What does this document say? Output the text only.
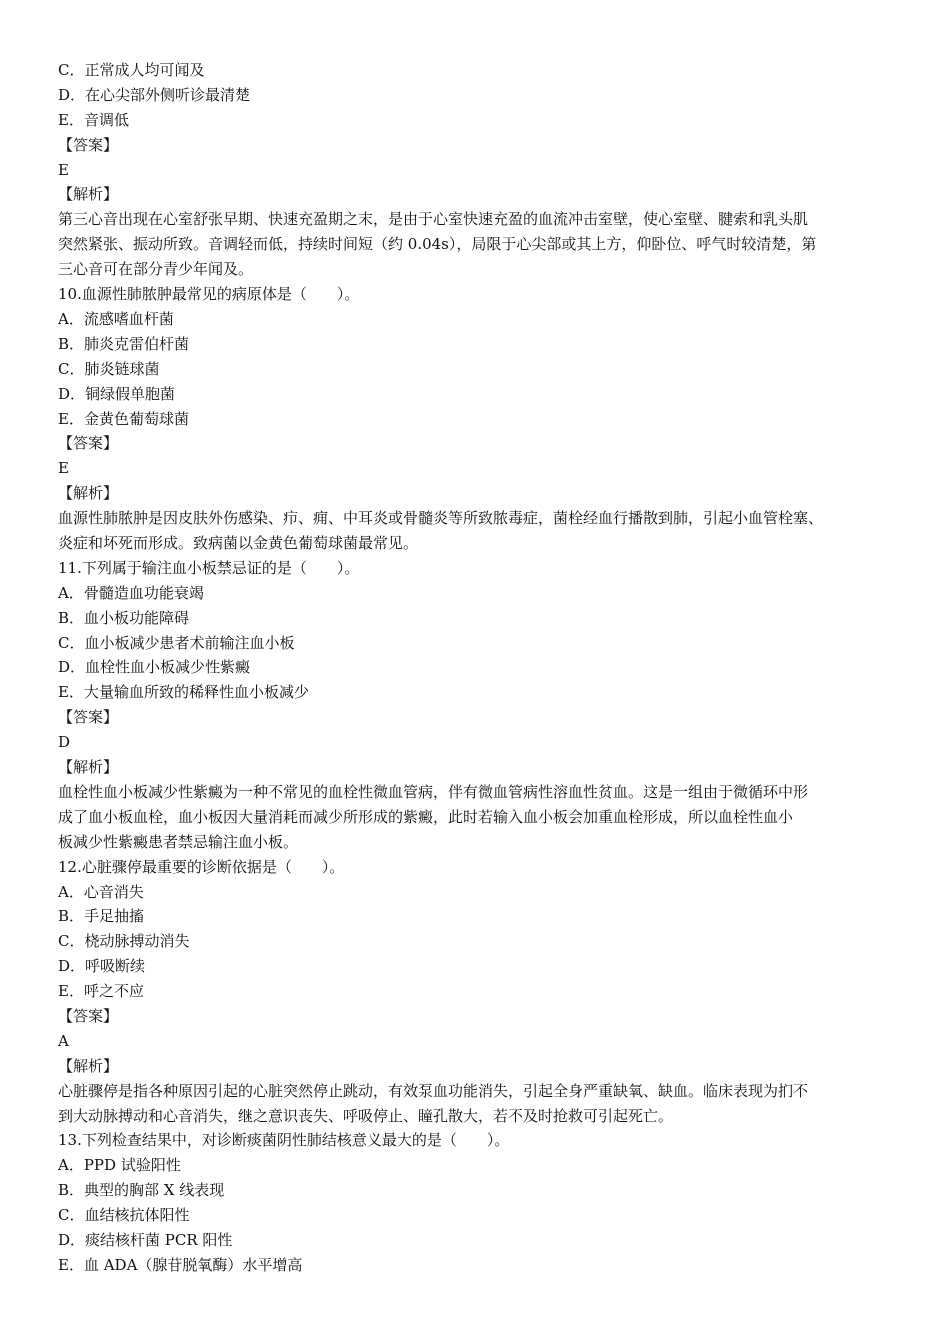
C．正常成人均可闻及
D．在心尖部外侧听诊最清楚
E．音调低
【答案】
E
【解析】
第三心音出现在心室舒张早期、快速充盈期之末，是由于心室快速充盈的血流冲击室壁，使心室壁、腱索和乳头肌
突然紧张、振动所致。音调轻而低，持续时间短（约 0.04s），局限于心尖部或其上方，仰卧位、呼气时较清楚，第
三心音可在部分青少年闻及。
10.血源性肺脓肿最常见的病原体是（　　）。
A．流感嗜血杆菌
B．肺炎克雷伯杆菌
C．肺炎链球菌
D．铜绿假单胞菌
E．金黄色葡萄球菌
【答案】
E
【解析】
血源性肺脓肿是因皮肤外伤感染、疖、痈、中耳炎或骨髓炎等所致脓毒症，菌栓经血行播散到肺，引起小血管栓塞、
炎症和坏死而形成。致病菌以金黄色葡萄球菌最常见。
11.下列属于输注血小板禁忌证的是（　　）。
A．骨髓造血功能衰竭
B．血小板功能障碍
C．血小板减少患者术前输注血小板
D．血栓性血小板减少性紫癜
E．大量输血所致的稀释性血小板减少
【答案】
D
【解析】
血栓性血小板减少性紫癜为一种不常见的血栓性微血管病，伴有微血管病性溶血性贫血。这是一组由于微循环中形
成了血小板血栓，血小板因大量消耗而减少所形成的紫癜，此时若输入血小板会加重血栓形成，所以血栓性血小
板减少性紫癜患者禁忌输注血小板。
12.心脏骤停最重要的诊断依据是（　　）。
A．心音消失
B．手足抽搐
C．桡动脉搏动消失
D．呼吸断续
E．呼之不应
【答案】
A
【解析】
心脏骤停是指各种原因引起的心脏突然停止跳动，有效泵血功能消失，引起全身严重缺氧、缺血。临床表现为扪不
到大动脉搏动和心音消失，继之意识丧失、呼吸停止、瞳孔散大，若不及时抢救可引起死亡。
13.下列检查结果中，对诊断痰菌阴性肺结核意义最大的是（　　）。
A．PPD 试验阳性
B．典型的胸部 X 线表现
C．血结核抗体阳性
D．痰结核杆菌 PCR 阳性
E．血 ADA（腺苷脱氧酶）水平增高
